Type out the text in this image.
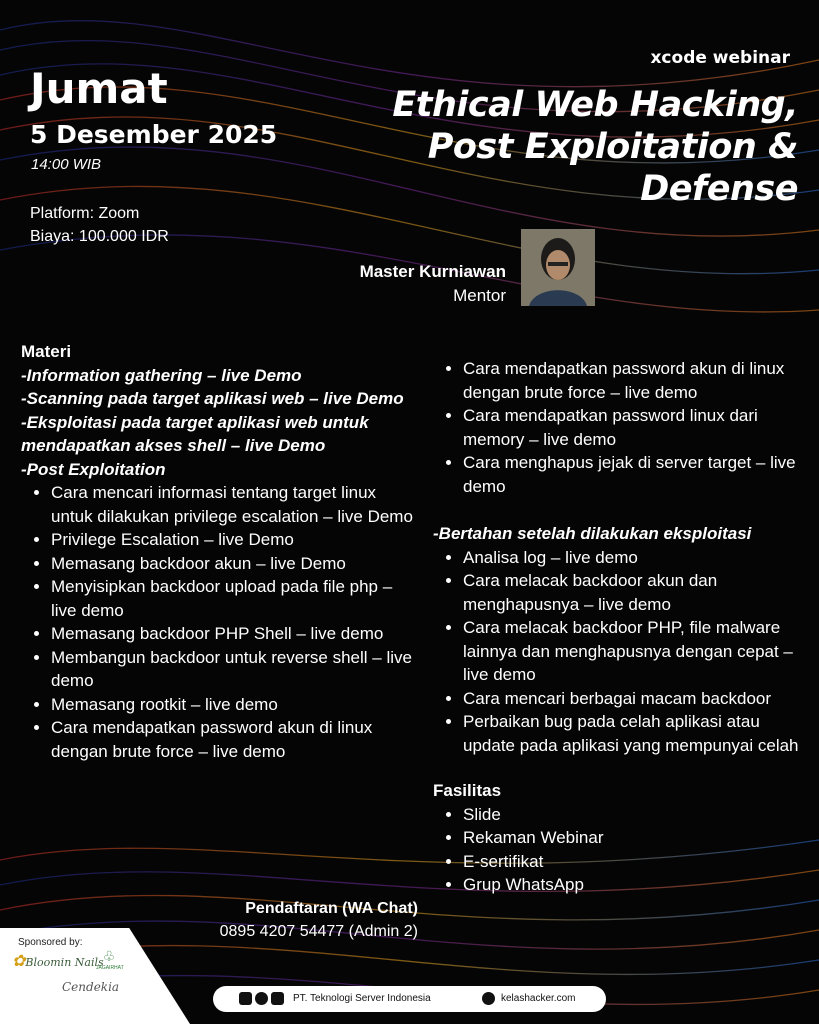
xcode webinar
Jumat
5 Desember 2025
14:00 WIB
Platform: Zoom
Biaya: 100.000 IDR
Ethical Web Hacking,
Post Exploitation &
Defense
Master Kurniawan
Mentor
Materi
-Information gathering – live Demo
-Scanning pada target aplikasi web – live Demo
-Eksploitasi pada target aplikasi web untuk mendapatkan akses shell – live Demo
-Post Exploitation
• Cara mencari informasi tentang target linux untuk dilakukan privilege escalation – live Demo
• Privilege Escalation – live Demo
• Memasang backdoor akun – live Demo
• Menyisipkan backdoor upload pada file php – live demo
• Memasang backdoor PHP Shell – live demo
• Membangun backdoor untuk reverse shell – live demo
• Memasang rootkit – live demo
• Cara mendapatkan password akun di linux dengan brute force – live demo
• Cara mendapatkan password akun di linux dengan brute force – live demo
• Cara mendapatkan password linux dari memory – live demo
• Cara menghapus jejak di server target – live demo
-Bertahan setelah dilakukan eksploitasi
• Analisa log – live demo
• Cara melacak backdoor akun dan menghapusnya – live demo
• Cara melacak backdoor PHP, file malware lainnya dan menghapusnya dengan cepat – live demo
• Cara mencari berbagai macam backdoor
• Perbaikan bug pada celah aplikasi atau update pada aplikasi yang mempunyai celah
Fasilitas
• Slide
• Rekaman Webinar
• E-sertifikat
• Grup WhatsApp
Pendaftaran (WA Chat)
0895 4207 54477 (Admin 2)
Sponsored by:
✿Bloomin Nails ♧
JAGAIRHAT
Cendekia
PT. Teknologi Server Indonesia	kelashacker.com
